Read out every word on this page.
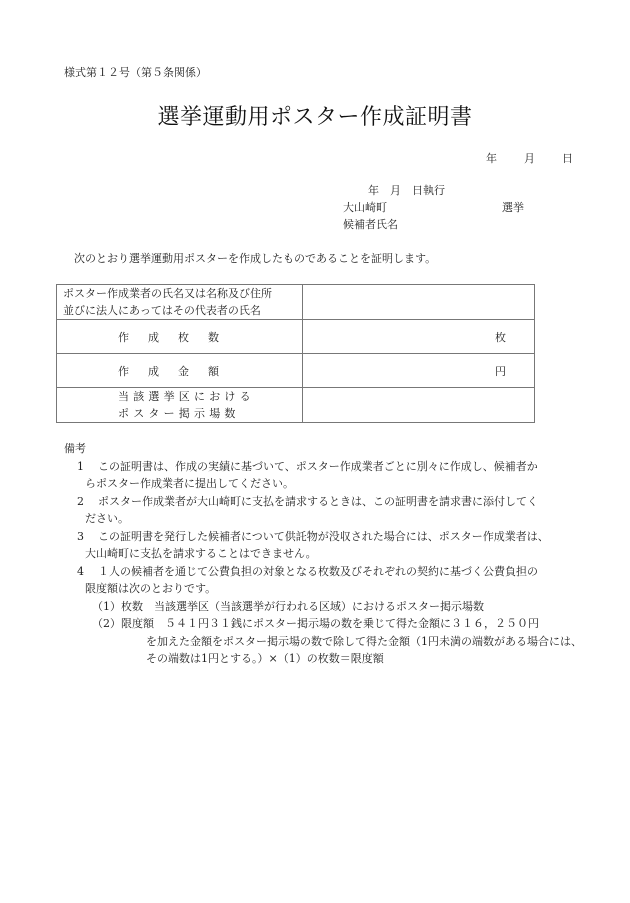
様式第１２号（第５条関係）
選挙運動用ポスター作成証明書
年 月 日
年  月  日執行
大山崎町	選挙
候補者氏名
次のとおり選挙運動用ポスターを作成したものであることを証明します。
ポスター作成業者の氏名又は名称及び住所
並びに法人にあってはその代表者の氏名	

作 成 枚 数	枚

作 成 金 額	円

当該選挙区における
ポスター掲示場数	

備考
1 この証明書は、作成の実績に基づいて、ポスター作成業者ごとに別々に作成し、候補者か
らポスター作成業者に提出してください。
2 ポスター作成業者が大山崎町に支払を請求するときは、この証明書を請求書に添付してく
ださい。
3 この証明書を発行した候補者について供託物が没収された場合には、ポスター作成業者は、
大山崎町に支払を請求することはできません。
4 １人の候補者を通じて公費負担の対象となる枚数及びそれぞれの契約に基づく公費負担の
限度額は次のとおりです。
（1）枚数　当該選挙区（当該選挙が行われる区域）におけるポスター掲示場数
（2）限度額　５４１円３１銭にポスター掲示場の数を乗じて得た金額に３１６，２５０円
を加えた金額をポスター掲示場の数で除して得た金額（1円未満の端数がある場合には、
その端数は1円とする。）×（1）の枚数＝限度額
